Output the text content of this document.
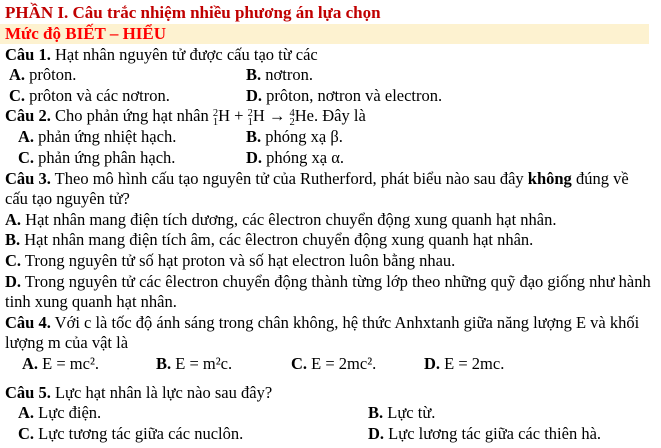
PHẦN I. Câu trắc nhiệm nhiều phương án lựa chọn
Mức độ BIẾT – HIỂU
Câu 1. Hạt nhân nguyên tử được cấu tạo từ các
A. prôton.	B. nơtron.
C. prôton và các nơtron.	D. prôton, nơtron và electron.
Câu 2. Cho phản ứng hạt nhân 2
1 H + 2
1 H → 4
2 He. Đây là
A. phản ứng nhiệt hạch.	B. phóng xạ β.
C. phản ứng phân hạch.	D. phóng xạ α.
Câu 3. Theo mô hình cấu tạo nguyên tử của Rutherford, phát biểu nào sau đây không đúng về cấu tạo nguyên tử?
A. Hạt nhân mang điện tích dương, các êlectron chuyển động xung quanh hạt nhân.
B. Hạt nhân mang điện tích âm, các êlectron chuyển động xung quanh hạt nhân.
C. Trong nguyên tử số hạt proton và số hạt electron luôn bằng nhau.
D. Trong nguyên tử các êlectron chuyển động thành từng lớp theo những quỹ đạo giống như hành tinh xung quanh hạt nhân.
Câu 4. Với c là tốc độ ánh sáng trong chân không, hệ thức Anhxtanh giữa năng lượng E và khối lượng m của vật là
A. E = mc².	B. E = m²c.	C. E = 2mc².	D. E = 2mc.
Câu 5. Lực hạt nhân là lực nào sau đây?
A. Lực điện.	B. Lực từ.
C. Lực tương tác giữa các nuclôn.	D. Lực lương tác giữa các thiên hà.
